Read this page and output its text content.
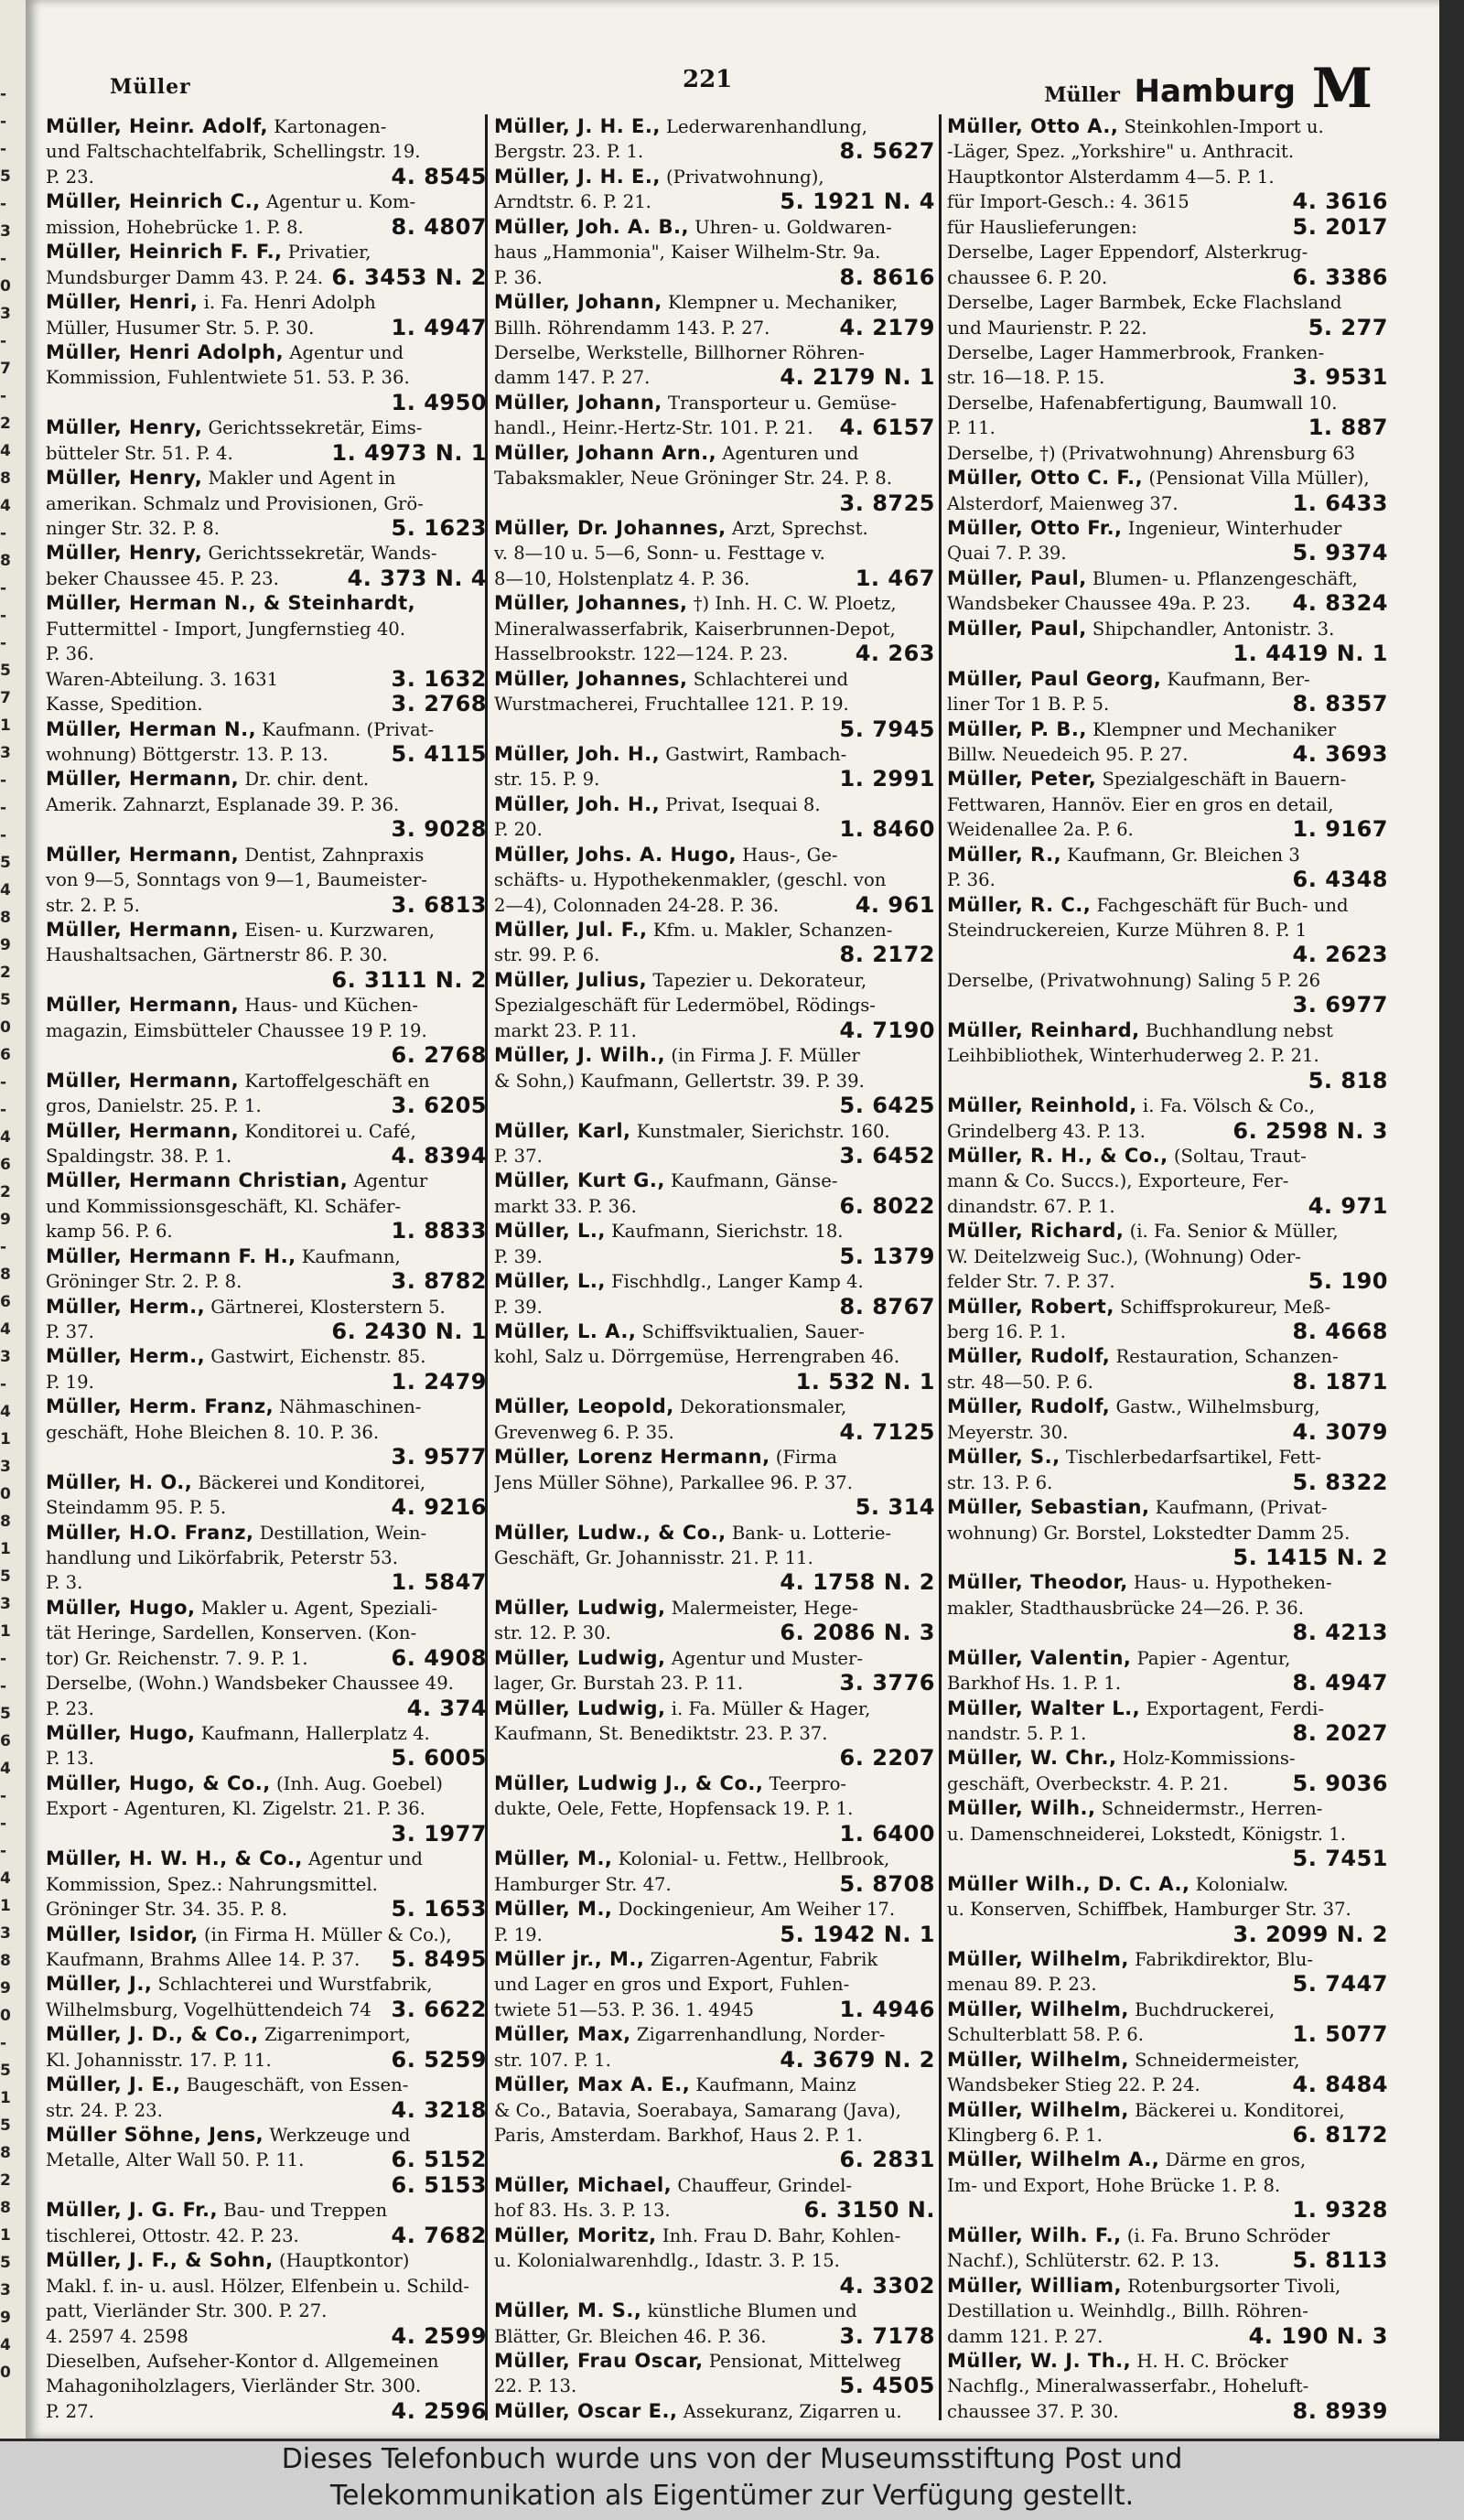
-
-
-
5
-
3
-
0
3
-
7
-
2
4
8
4
-
8
-
-
-
5
7
1
3
-
-
-
5
4
8
9
2
5
0
6
-
-
4
6
2
9
-
8
6
4
3
-
4
1
3
0
8
1
5
3
1
-
-
5
6
4
-
-
-
4
1
3
8
9
0
-
5
1
5
8
2
8
1
5
3
9
4
0
Müller	221
Müller Hamburg M
Müller, Heinr. Adolf, Kartonagen-
und Faltschachtelfabrik, Schellingstr. 19.
4. 8545
P. 23.
Müller, Heinrich C., Agentur u. Kom-
8. 4807
mission, Hohebrücke 1. P. 8.
Müller, Heinrich F. F., Privatier,
6. 3453 N. 2
Mundsburger Damm 43. P. 24.
Müller, Henri, i. Fa. Henri Adolph
1. 4947
Müller, Husumer Str. 5. P. 30.
Müller, Henri Adolph, Agentur und
Kommission, Fuhlentwiete 51. 53. P. 36.
1. 4950
Müller, Henry, Gerichtssekretär, Eims-
1. 4973 N. 1
bütteler Str. 51. P. 4.
Müller, Henry, Makler und Agent in
amerikan. Schmalz und Provisionen, Grö-
5. 1623
ninger Str. 32. P. 8.
Müller, Henry, Gerichtssekretär, Wands-
4. 373 N. 4
beker Chaussee 45. P. 23.
Müller, Herman N., & Steinhardt,
Futtermittel - Import, Jungfernstieg 40.
P. 36.
3. 1632
Waren-Abteilung. 3. 1631
3. 2768
Kasse, Spedition.
Müller, Herman N., Kaufmann. (Privat-
5. 4115
wohnung) Böttgerstr. 13. P. 13.
Müller, Hermann, Dr. chir. dent.
Amerik. Zahnarzt, Esplanade 39. P. 36.
3. 9028
Müller, Hermann, Dentist, Zahnpraxis
von 9—5, Sonntags von 9—1, Baumeister-
3. 6813
str. 2. P. 5.
Müller, Hermann, Eisen- u. Kurzwaren,
Haushaltsachen, Gärtnerstr 86. P. 30.
6. 3111 N. 2
Müller, Hermann, Haus- und Küchen-
magazin, Eimsbütteler Chaussee 19 P. 19.
6. 2768
Müller, Hermann, Kartoffelgeschäft en
3. 6205
gros, Danielstr. 25. P. 1.
Müller, Hermann, Konditorei u. Café,
4. 8394
Spaldingstr. 38. P. 1.
Müller, Hermann Christian, Agentur
und Kommissionsgeschäft, Kl. Schäfer-
1. 8833
kamp 56. P. 6.
Müller, Hermann F. H., Kaufmann,
3. 8782
Gröninger Str. 2. P. 8.
Müller, Herm., Gärtnerei, Klosterstern 5.
6. 2430 N. 1
P. 37.
Müller, Herm., Gastwirt, Eichenstr. 85.
1. 2479
P. 19.
Müller, Herm. Franz, Nähmaschinen-
geschäft, Hohe Bleichen 8. 10. P. 36.
3. 9577
Müller, H. O., Bäckerei und Konditorei,
4. 9216
Steindamm 95. P. 5.
Müller, H.O. Franz, Destillation, Wein-
handlung und Likörfabrik, Peterstr 53.
1. 5847
P. 3.
Müller, Hugo, Makler u. Agent, Speziali-
tät Heringe, Sardellen, Konserven. (Kon-
6. 4908
tor) Gr. Reichenstr. 7. 9. P. 1.
Derselbe, (Wohn.) Wandsbeker Chaussee 49.
4. 374
P. 23.
Müller, Hugo, Kaufmann, Hallerplatz 4.
5. 6005
P. 13.
Müller, Hugo, & Co., (Inh. Aug. Goebel)
Export - Agenturen, Kl. Zigelstr. 21. P. 36.
3. 1977
Müller, H. W. H., & Co., Agentur und
Kommission, Spez.: Nahrungsmittel.
5. 1653
Gröninger Str. 34. 35. P. 8.
Müller, Isidor, (in Firma H. Müller & Co.),
5. 8495
Kaufmann, Brahms Allee 14. P. 37.
Müller, J., Schlachterei und Wurstfabrik,
3. 6622
Wilhelmsburg, Vogelhüttendeich 74
Müller, J. D., & Co., Zigarrenimport,
6. 5259
Kl. Johannisstr. 17. P. 11.
Müller, J. E., Baugeschäft, von Essen-
4. 3218
str. 24. P. 23.
Müller Söhne, Jens, Werkzeuge und
6. 5152
Metalle, Alter Wall 50. P. 11.
6. 5153
Müller, J. G. Fr., Bau- und Treppen
4. 7682
tischlerei, Ottostr. 42. P. 23.
Müller, J. F., & Sohn, (Hauptkontor)
Makl. f. in- u. ausl. Hölzer, Elfenbein u. Schild-
patt, Vierländer Str. 300. P. 27.
4. 2599
4. 2597 4. 2598
Dieselben, Aufseher-Kontor d. Allgemeinen
Mahagoniholzlagers, Vierländer Str. 300.
4. 2596
P. 27.
Müller, J. H. E., Lederwarenhandlung,
8. 5627
Bergstr. 23. P. 1.
Müller, J. H. E., (Privatwohnung),
5. 1921 N. 4
Arndtstr. 6. P. 21.
Müller, Joh. A. B., Uhren- u. Goldwaren-
haus „Hammonia", Kaiser Wilhelm-Str. 9a.
8. 8616
P. 36.
Müller, Johann, Klempner u. Mechaniker,
4. 2179
Billh. Röhrendamm 143. P. 27.
Derselbe, Werkstelle, Billhorner Röhren-
4. 2179 N. 1
damm 147. P. 27.
Müller, Johann, Transporteur u. Gemüse-
4. 6157
handl., Heinr.-Hertz-Str. 101. P. 21.
Müller, Johann Arn., Agenturen und
Tabaksmakler, Neue Gröninger Str. 24. P. 8.
3. 8725
Müller, Dr. Johannes, Arzt, Sprechst.
v. 8—10 u. 5—6, Sonn- u. Festtage v.
1. 467
8—10, Holstenplatz 4. P. 36.
Müller, Johannes, †) Inh. H. C. W. Ploetz,
Mineralwasserfabrik, Kaiserbrunnen-Depot,
4. 263
Hasselbrookstr. 122—124. P. 23.
Müller, Johannes, Schlachterei und
Wurstmacherei, Fruchtallee 121. P. 19.
5. 7945
Müller, Joh. H., Gastwirt, Rambach-
1. 2991
str. 15. P. 9.
Müller, Joh. H., Privat, Isequai 8.
1. 8460
P. 20.
Müller, Johs. A. Hugo, Haus-, Ge-
schäfts- u. Hypothekenmakler, (geschl. von
4. 961
2—4), Colonnaden 24-28. P. 36.
Müller, Jul. F., Kfm. u. Makler, Schanzen-
8. 2172
str. 99. P. 6.
Müller, Julius, Tapezier u. Dekorateur,
Spezialgeschäft für Ledermöbel, Rödings-
4. 7190
markt 23. P. 11.
Müller, J. Wilh., (in Firma J. F. Müller
& Sohn,) Kaufmann, Gellertstr. 39. P. 39.
5. 6425
Müller, Karl, Kunstmaler, Sierichstr. 160.
3. 6452
P. 37.
Müller, Kurt G., Kaufmann, Gänse-
6. 8022
markt 33. P. 36.
Müller, L., Kaufmann, Sierichstr. 18.
5. 1379
P. 39.
Müller, L., Fischhdlg., Langer Kamp 4.
8. 8767
P. 39.
Müller, L. A., Schiffsviktualien, Sauer-
kohl, Salz u. Dörrgemüse, Herrengraben 46.
1. 532 N. 1
Müller, Leopold, Dekorationsmaler,
4. 7125
Grevenweg 6. P. 35.
Müller, Lorenz Hermann, (Firma
Jens Müller Söhne), Parkallee 96. P. 37.
5. 314
Müller, Ludw., & Co., Bank- u. Lotterie-
Geschäft, Gr. Johannisstr. 21. P. 11.
4. 1758 N. 2
Müller, Ludwig, Malermeister, Hege-
6. 2086 N. 3
str. 12. P. 30.
Müller, Ludwig, Agentur und Muster-
3. 3776
lager, Gr. Burstah 23. P. 11.
Müller, Ludwig, i. Fa. Müller & Hager,
Kaufmann, St. Benediktstr. 23. P. 37.
6. 2207
Müller, Ludwig J., & Co., Teerpro-
dukte, Oele, Fette, Hopfensack 19. P. 1.
1. 6400
Müller, M., Kolonial- u. Fettw., Hellbrook,
5. 8708
Hamburger Str. 47.
Müller, M., Dockingenieur, Am Weiher 17.
5. 1942 N. 1
P. 19.
Müller jr., M., Zigarren-Agentur, Fabrik
und Lager en gros und Export, Fuhlen-
1. 4946
twiete 51—53. P. 36. 1. 4945
Müller, Max, Zigarrenhandlung, Norder-
4. 3679 N. 2
str. 107. P. 1.
Müller, Max A. E., Kaufmann, Mainz
& Co., Batavia, Soerabaya, Samarang (Java),
Paris, Amsterdam. Barkhof, Haus 2. P. 1.
6. 2831
Müller, Michael, Chauffeur, Grindel-
6. 3150 N.
hof 83. Hs. 3. P. 13.
Müller, Moritz, Inh. Frau D. Bahr, Kohlen-
u. Kolonialwarenhdlg., Idastr. 3. P. 15.
4. 3302
Müller, M. S., künstliche Blumen und
3. 7178
Blätter, Gr. Bleichen 46. P. 36.
Müller, Frau Oscar, Pensionat, Mittelweg
5. 4505
22. P. 13.
Müller, Oscar E., Assekuranz, Zigarren u.
Müller, Otto A., Steinkohlen-Import u.
-Läger, Spez. „Yorkshire" u. Anthracit.
Hauptkontor Alsterdamm 4—5. P. 1.
4. 3616
für Import-Gesch.: 4. 3615
5. 2017
für Hauslieferungen:
Derselbe, Lager Eppendorf, Alsterkrug-
6. 3386
chaussee 6. P. 20.
Derselbe, Lager Barmbek, Ecke Flachsland
5. 277
und Maurienstr. P. 22.
Derselbe, Lager Hammerbrook, Franken-
3. 9531
str. 16—18. P. 15.
Derselbe, Hafenabfertigung, Baumwall 10.
1. 887
P. 11.
Derselbe, †) (Privatwohnung) Ahrensburg 63
Müller, Otto C. F., (Pensionat Villa Müller),
1. 6433
Alsterdorf, Maienweg 37.
Müller, Otto Fr., Ingenieur, Winterhuder
5. 9374
Quai 7. P. 39.
Müller, Paul, Blumen- u. Pflanzengeschäft,
4. 8324
Wandsbeker Chaussee 49a. P. 23.
Müller, Paul, Shipchandler, Antonistr. 3.
1. 4419 N. 1
Müller, Paul Georg, Kaufmann, Ber-
8. 8357
liner Tor 1 B. P. 5.
Müller, P. B., Klempner und Mechaniker
4. 3693
Billw. Neuedeich 95. P. 27.
Müller, Peter, Spezialgeschäft in Bauern-
Fettwaren, Hannöv. Eier en gros en detail,
1. 9167
Weidenallee 2a. P. 6.
Müller, R., Kaufmann, Gr. Bleichen 3
6. 4348
P. 36.
Müller, R. C., Fachgeschäft für Buch- und
Steindruckereien, Kurze Mühren 8. P. 1
4. 2623
Derselbe, (Privatwohnung) Saling 5 P. 26
3. 6977
Müller, Reinhard, Buchhandlung nebst
Leihbibliothek, Winterhuderweg 2. P. 21.
5. 818
Müller, Reinhold, i. Fa. Völsch & Co.,
6. 2598 N. 3
Grindelberg 43. P. 13.
Müller, R. H., & Co., (Soltau, Traut-
mann & Co. Succs.), Exporteure, Fer-
4. 971
dinandstr. 67. P. 1.
Müller, Richard, (i. Fa. Senior & Müller,
W. Deitelzweig Suc.), (Wohnung) Oder-
5. 190
felder Str. 7. P. 37.
Müller, Robert, Schiffsprokureur, Meß-
8. 4668
berg 16. P. 1.
Müller, Rudolf, Restauration, Schanzen-
8. 1871
str. 48—50. P. 6.
Müller, Rudolf, Gastw., Wilhelmsburg,
4. 3079
Meyerstr. 30.
Müller, S., Tischlerbedarfsartikel, Fett-
5. 8322
str. 13. P. 6.
Müller, Sebastian, Kaufmann, (Privat-
wohnung) Gr. Borstel, Lokstedter Damm 25.
5. 1415 N. 2
Müller, Theodor, Haus- u. Hypotheken-
makler, Stadthausbrücke 24—26. P. 36.
8. 4213
Müller, Valentin, Papier - Agentur,
8. 4947
Barkhof Hs. 1. P. 1.
Müller, Walter L., Exportagent, Ferdi-
8. 2027
nandstr. 5. P. 1.
Müller, W. Chr., Holz-Kommissions-
5. 9036
geschäft, Overbeckstr. 4. P. 21.
Müller, Wilh., Schneidermstr., Herren-
u. Damenschneiderei, Lokstedt, Königstr. 1.
5. 7451
Müller Wilh., D. C. A., Kolonialw.
u. Konserven, Schiffbek, Hamburger Str. 37.
3. 2099 N. 2
Müller, Wilhelm, Fabrikdirektor, Blu-
5. 7447
menau 89. P. 23.
Müller, Wilhelm, Buchdruckerei,
1. 5077
Schulterblatt 58. P. 6.
Müller, Wilhelm, Schneidermeister,
4. 8484
Wandsbeker Stieg 22. P. 24.
Müller, Wilhelm, Bäckerei u. Konditorei,
6. 8172
Klingberg 6. P. 1.
Müller, Wilhelm A., Därme en gros,
Im- und Export, Hohe Brücke 1. P. 8.
1. 9328
Müller, Wilh. F., (i. Fa. Bruno Schröder
5. 8113
Nachf.), Schlüterstr. 62. P. 13.
Müller, William, Rotenburgsorter Tivoli,
Destillation u. Weinhdlg., Billh. Röhren-
4. 190 N. 3
damm 121. P. 27.
Müller, W. J. Th., H. H. C. Bröcker
Nachflg., Mineralwasserfabr., Hoheluft-
8. 8939
chaussee 37. P. 30.
Dieses Telefonbuch wurde uns von der Museumsstiftung Post und
Telekommunikation als Eigentümer zur Verfügung gestellt.
